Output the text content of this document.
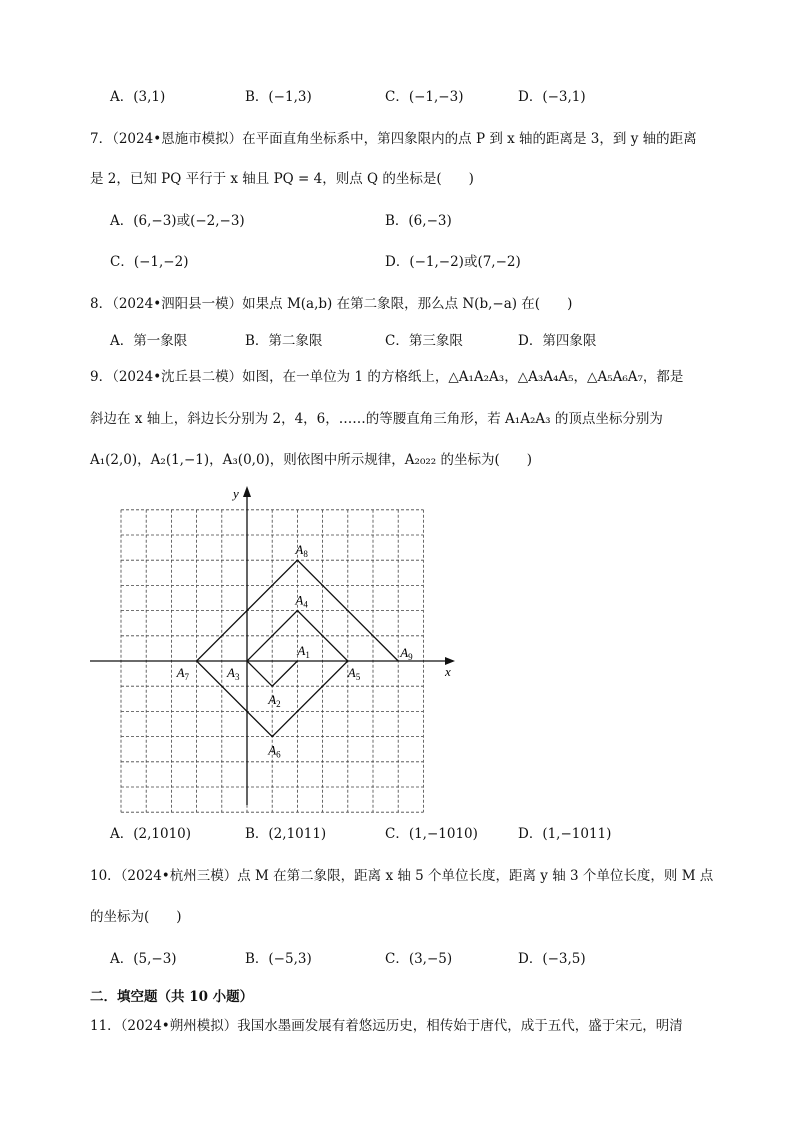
A．(3,1)	B．(−1,3)	C．(−1,−3)	D．(−3,1)
7．（2024•恩施市模拟）在平面直角坐标系中，第四象限内的点 P 到 x 轴的距离是 3，到 y 轴的距离
是 2，已知 PQ 平行于 x 轴且 PQ = 4，则点 Q 的坐标是(　　)
A．(6,−3)或(−2,−3)	B．(6,−3)
C．(−1,−2)	D．(−1,−2)或(7,−2)
8．（2024•泗阳县一模）如果点 M(a,b) 在第二象限，那么点 N(b,−a) 在(　　)
A．第一象限	B．第二象限	C．第三象限	D．第四象限
9．（2024•沈丘县二模）如图，在一单位为 1 的方格纸上，△A₁A₂A₃，△A₃A₄A₅，△A₅A₆A₇，都是
斜边在 x 轴上，斜边长分别为 2，4，6，……的等腰直角三角形，若 A₁A₂A₃ 的顶点坐标分别为
A₁(2,0)，A₂(1,−1)，A₃(0,0)，则依图中所示规律，A₂₀₂₂ 的坐标为(　　)
x
y
$A_1$
$A_2$
$A_3$
$A_4$
$A_5$
$A_6$
$A_7$
$A_8$
$A_9$
A．(2,1010)	B．(2,1011)	C．(1,−1010)	D．(1,−1011)
10．（2024•杭州三模）点 M 在第二象限，距离 x 轴 5 个单位长度，距离 y 轴 3 个单位长度，则 M 点
的坐标为(　　)
A．(5,−3)	B．(−5,3)	C．(3,−5)	D．(−3,5)
二．填空题（共 10 小题）
11．（2024•朔州模拟）我国水墨画发展有着悠远历史，相传始于唐代，成于五代，盛于宋元，明清
